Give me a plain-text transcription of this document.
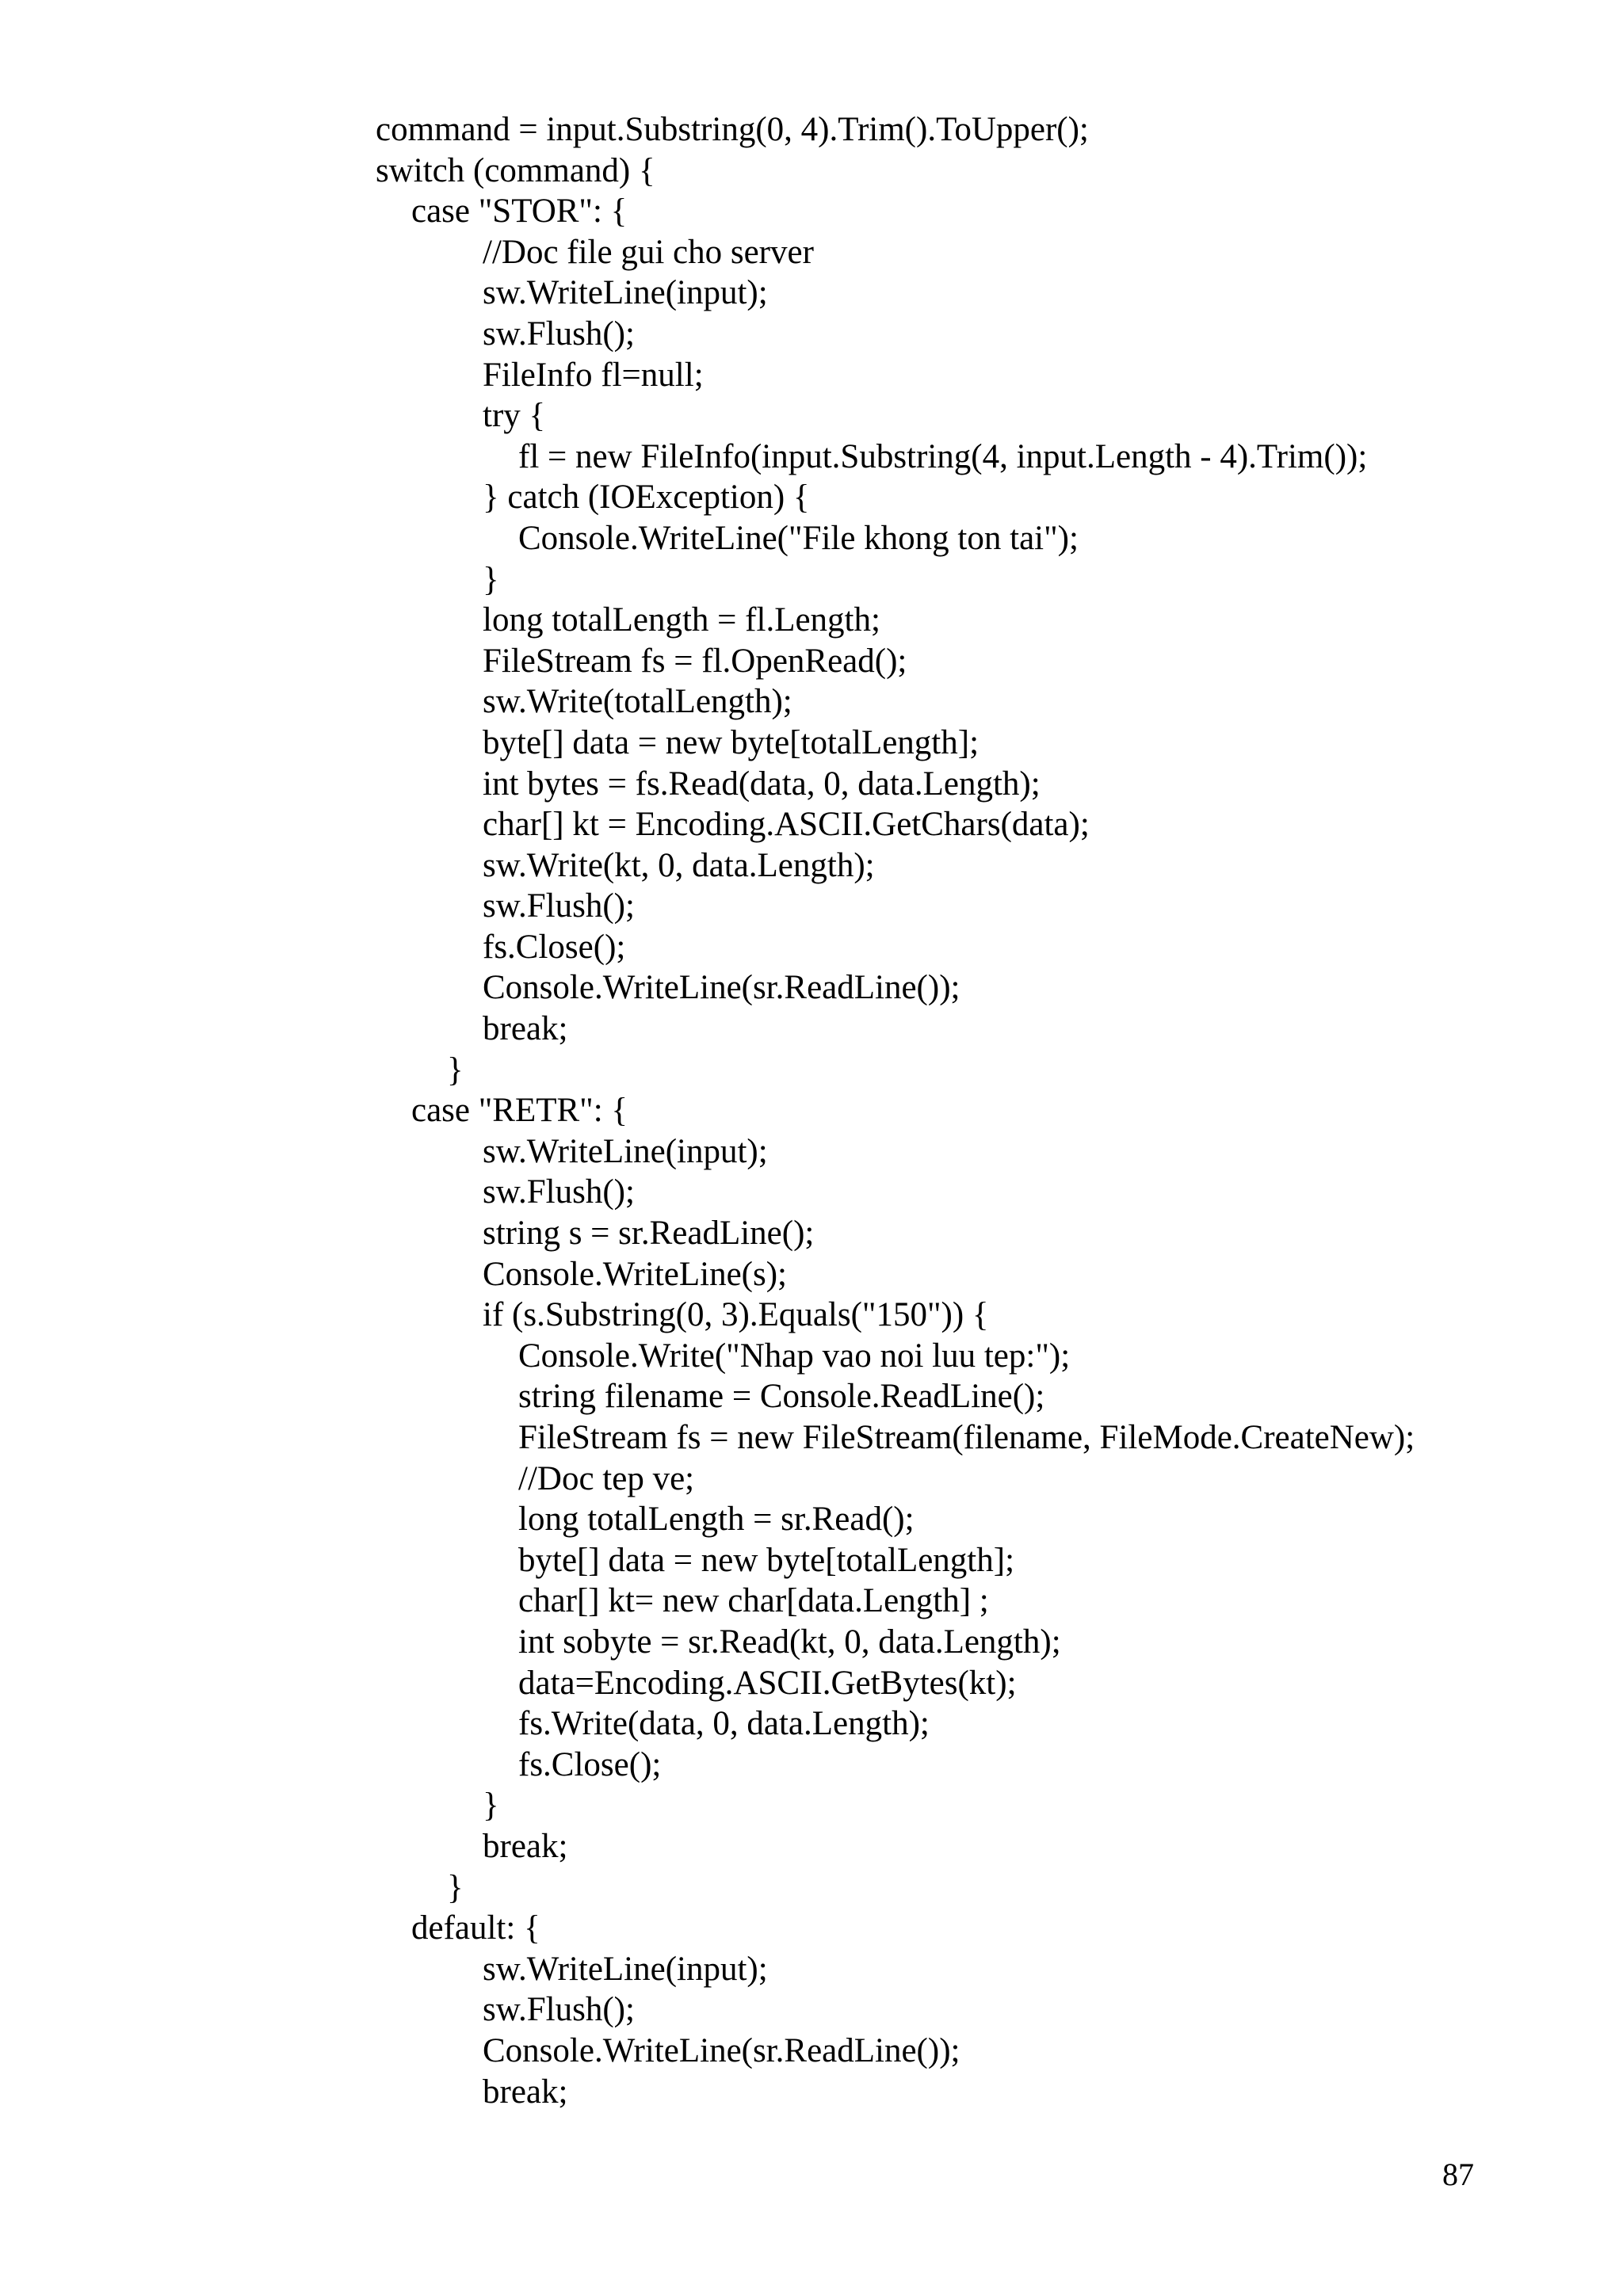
command = input.Substring(0, 4).Trim().ToUpper();
switch (command) {
case "STOR": {
//Doc file gui cho server
sw.WriteLine(input);
sw.Flush();
FileInfo fl=null;
try {
fl = new FileInfo(input.Substring(4, input.Length - 4).Trim());
} catch (IOException) {
Console.WriteLine("File khong ton tai");
}
long totalLength = fl.Length;
FileStream fs = fl.OpenRead();
sw.Write(totalLength);
byte[] data = new byte[totalLength];
int bytes = fs.Read(data, 0, data.Length);
char[] kt = Encoding.ASCII.GetChars(data);
sw.Write(kt, 0, data.Length);
sw.Flush();
fs.Close();
Console.WriteLine(sr.ReadLine());
break;
}
case "RETR": {
sw.WriteLine(input);
sw.Flush();
string s = sr.ReadLine();
Console.WriteLine(s);
if (s.Substring(0, 3).Equals("150")) {
Console.Write("Nhap vao noi luu tep:");
string filename = Console.ReadLine();
FileStream fs = new FileStream(filename, FileMode.CreateNew);
//Doc tep ve;
long totalLength = sr.Read();
byte[] data = new byte[totalLength];
char[] kt= new char[data.Length] ;
int sobyte = sr.Read(kt, 0, data.Length);
data=Encoding.ASCII.GetBytes(kt);
fs.Write(data, 0, data.Length);
fs.Close();
}
break;
}
default: {
sw.WriteLine(input);
sw.Flush();
Console.WriteLine(sr.ReadLine());
break;
87
